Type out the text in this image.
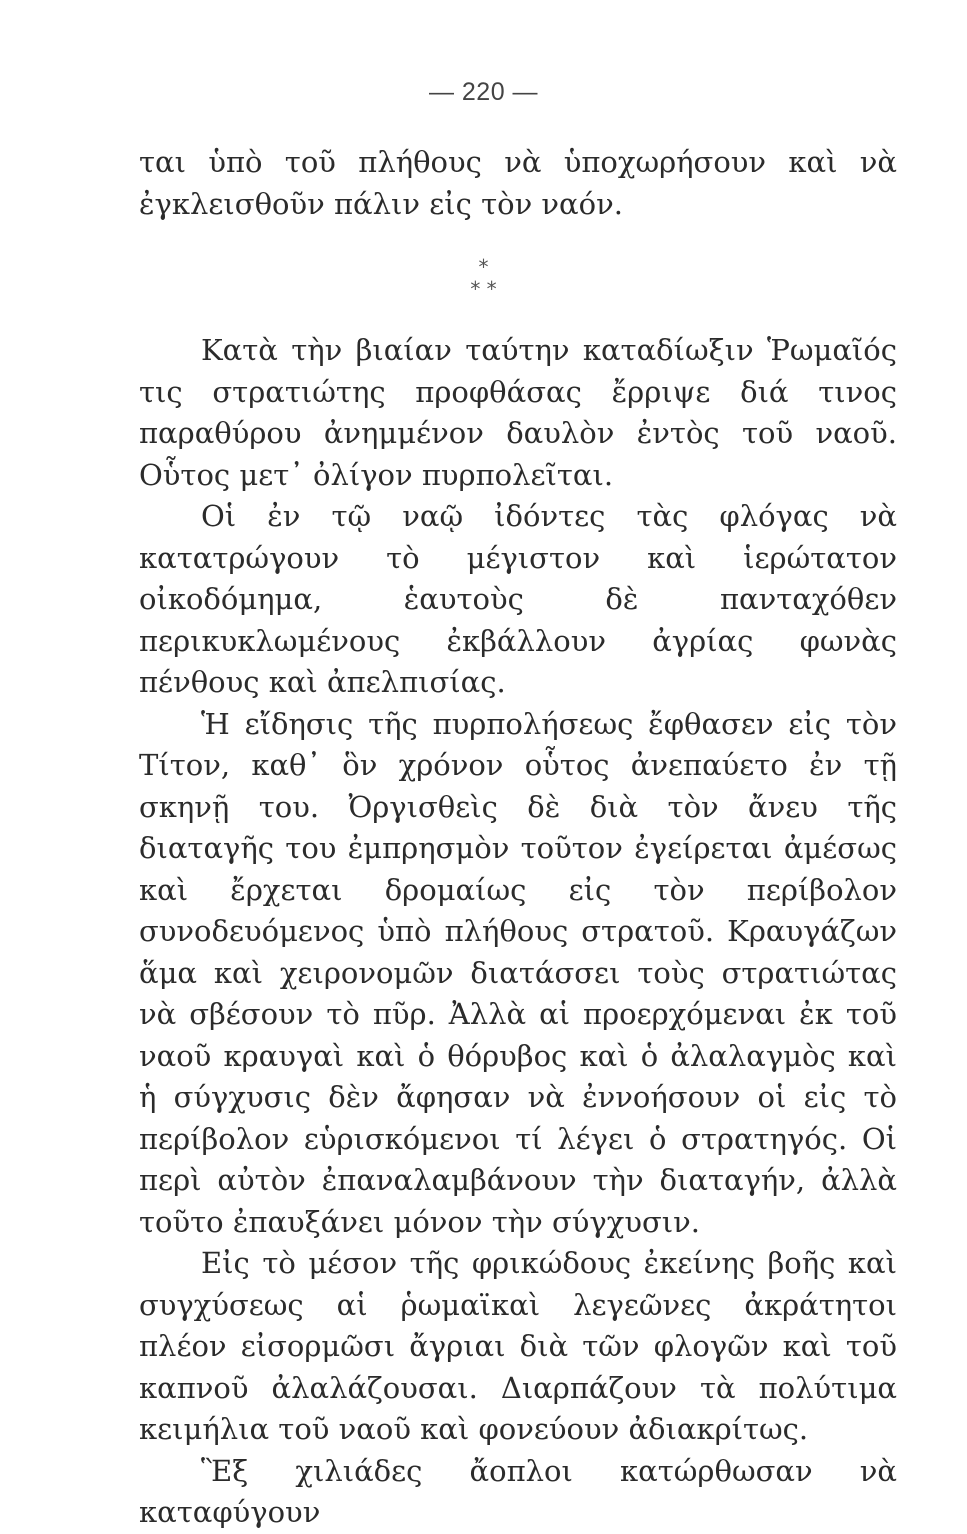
— 220 —

ται ὑπὸ τοῦ πλήθους νὰ ὑποχωρήσουν καὶ νὰ ἐγκλεισθοῦν πάλιν εἰς τὸν ναόν.

*
* *

Κατὰ τὴν βιαίαν ταύτην καταδίωξιν Ῥωμαῖός τις στρατιώτης προφθάσας ἔρριψε διά τινος παραθύρου ἀνημμένον δαυλὸν ἐντὸς τοῦ ναοῦ. Οὗτος μετ᾽ ὀλίγον πυρπολεῖται.

Οἱ ἐν τῷ ναῷ ἰδόντες τὰς φλόγας νὰ κατατρώγουν τὸ μέγιστον καὶ ἱερώτατον οἰκοδόμημα, ἑαυτοὺς δὲ πανταχόθεν περικυκλωμένους ἐκβάλλουν ἀγρίας φωνὰς πένθους καὶ ἀπελπισίας.

Ἡ εἴδησις τῆς πυρπολήσεως ἔφθασεν εἰς τὸν Τίτον, καθ᾽ ὃν χρόνον οὗτος ἀνεπαύετο ἐν τῇ σκηνῇ του. Ὀργισθεὶς δὲ διὰ τὸν ἄνευ τῆς διαταγῆς του ἐμπρησμὸν τοῦτον ἐγείρεται ἀμέσως καὶ ἔρχεται δρομαίως εἰς τὸν περίβολον συνοδευόμενος ὑπὸ πλήθους στρατοῦ. Κραυγάζων ἅμα καὶ χειρονομῶν διατάσσει τοὺς στρατιώτας νὰ σβέσουν τὸ πῦρ. Ἀλλὰ αἱ προερχόμεναι ἐκ τοῦ ναοῦ κραυγαὶ καὶ ὁ θόρυβος καὶ ὁ ἀλαλαγμὸς καὶ ἡ σύγχυσις δὲν ἄφησαν νὰ ἐννοήσουν οἱ εἰς τὸ περίβολον εὑρισκόμενοι τί λέγει ὁ στρατηγός. Οἱ περὶ αὐτὸν ἐπαναλαμβάνουν τὴν διαταγήν, ἀλλὰ τοῦτο ἐπαυξάνει μόνον τὴν σύγχυσιν.

Εἰς τὸ μέσον τῆς φρικώδους ἐκείνης βοῆς καὶ συγχύσεως αἱ ῥωμαϊκαὶ λεγεῶνες ἀκράτητοι πλέον εἰσορμῶσι ἄγριαι διὰ τῶν φλογῶν καὶ τοῦ καπνοῦ ἀλαλάζουσαι. Διαρπάζουν τὰ πολύτιμα κειμήλια τοῦ ναοῦ καὶ φονεύουν ἀδιακρίτως.

Ἓξ χιλιάδες ἄοπλοι κατώρθωσαν νὰ καταφύγουν
